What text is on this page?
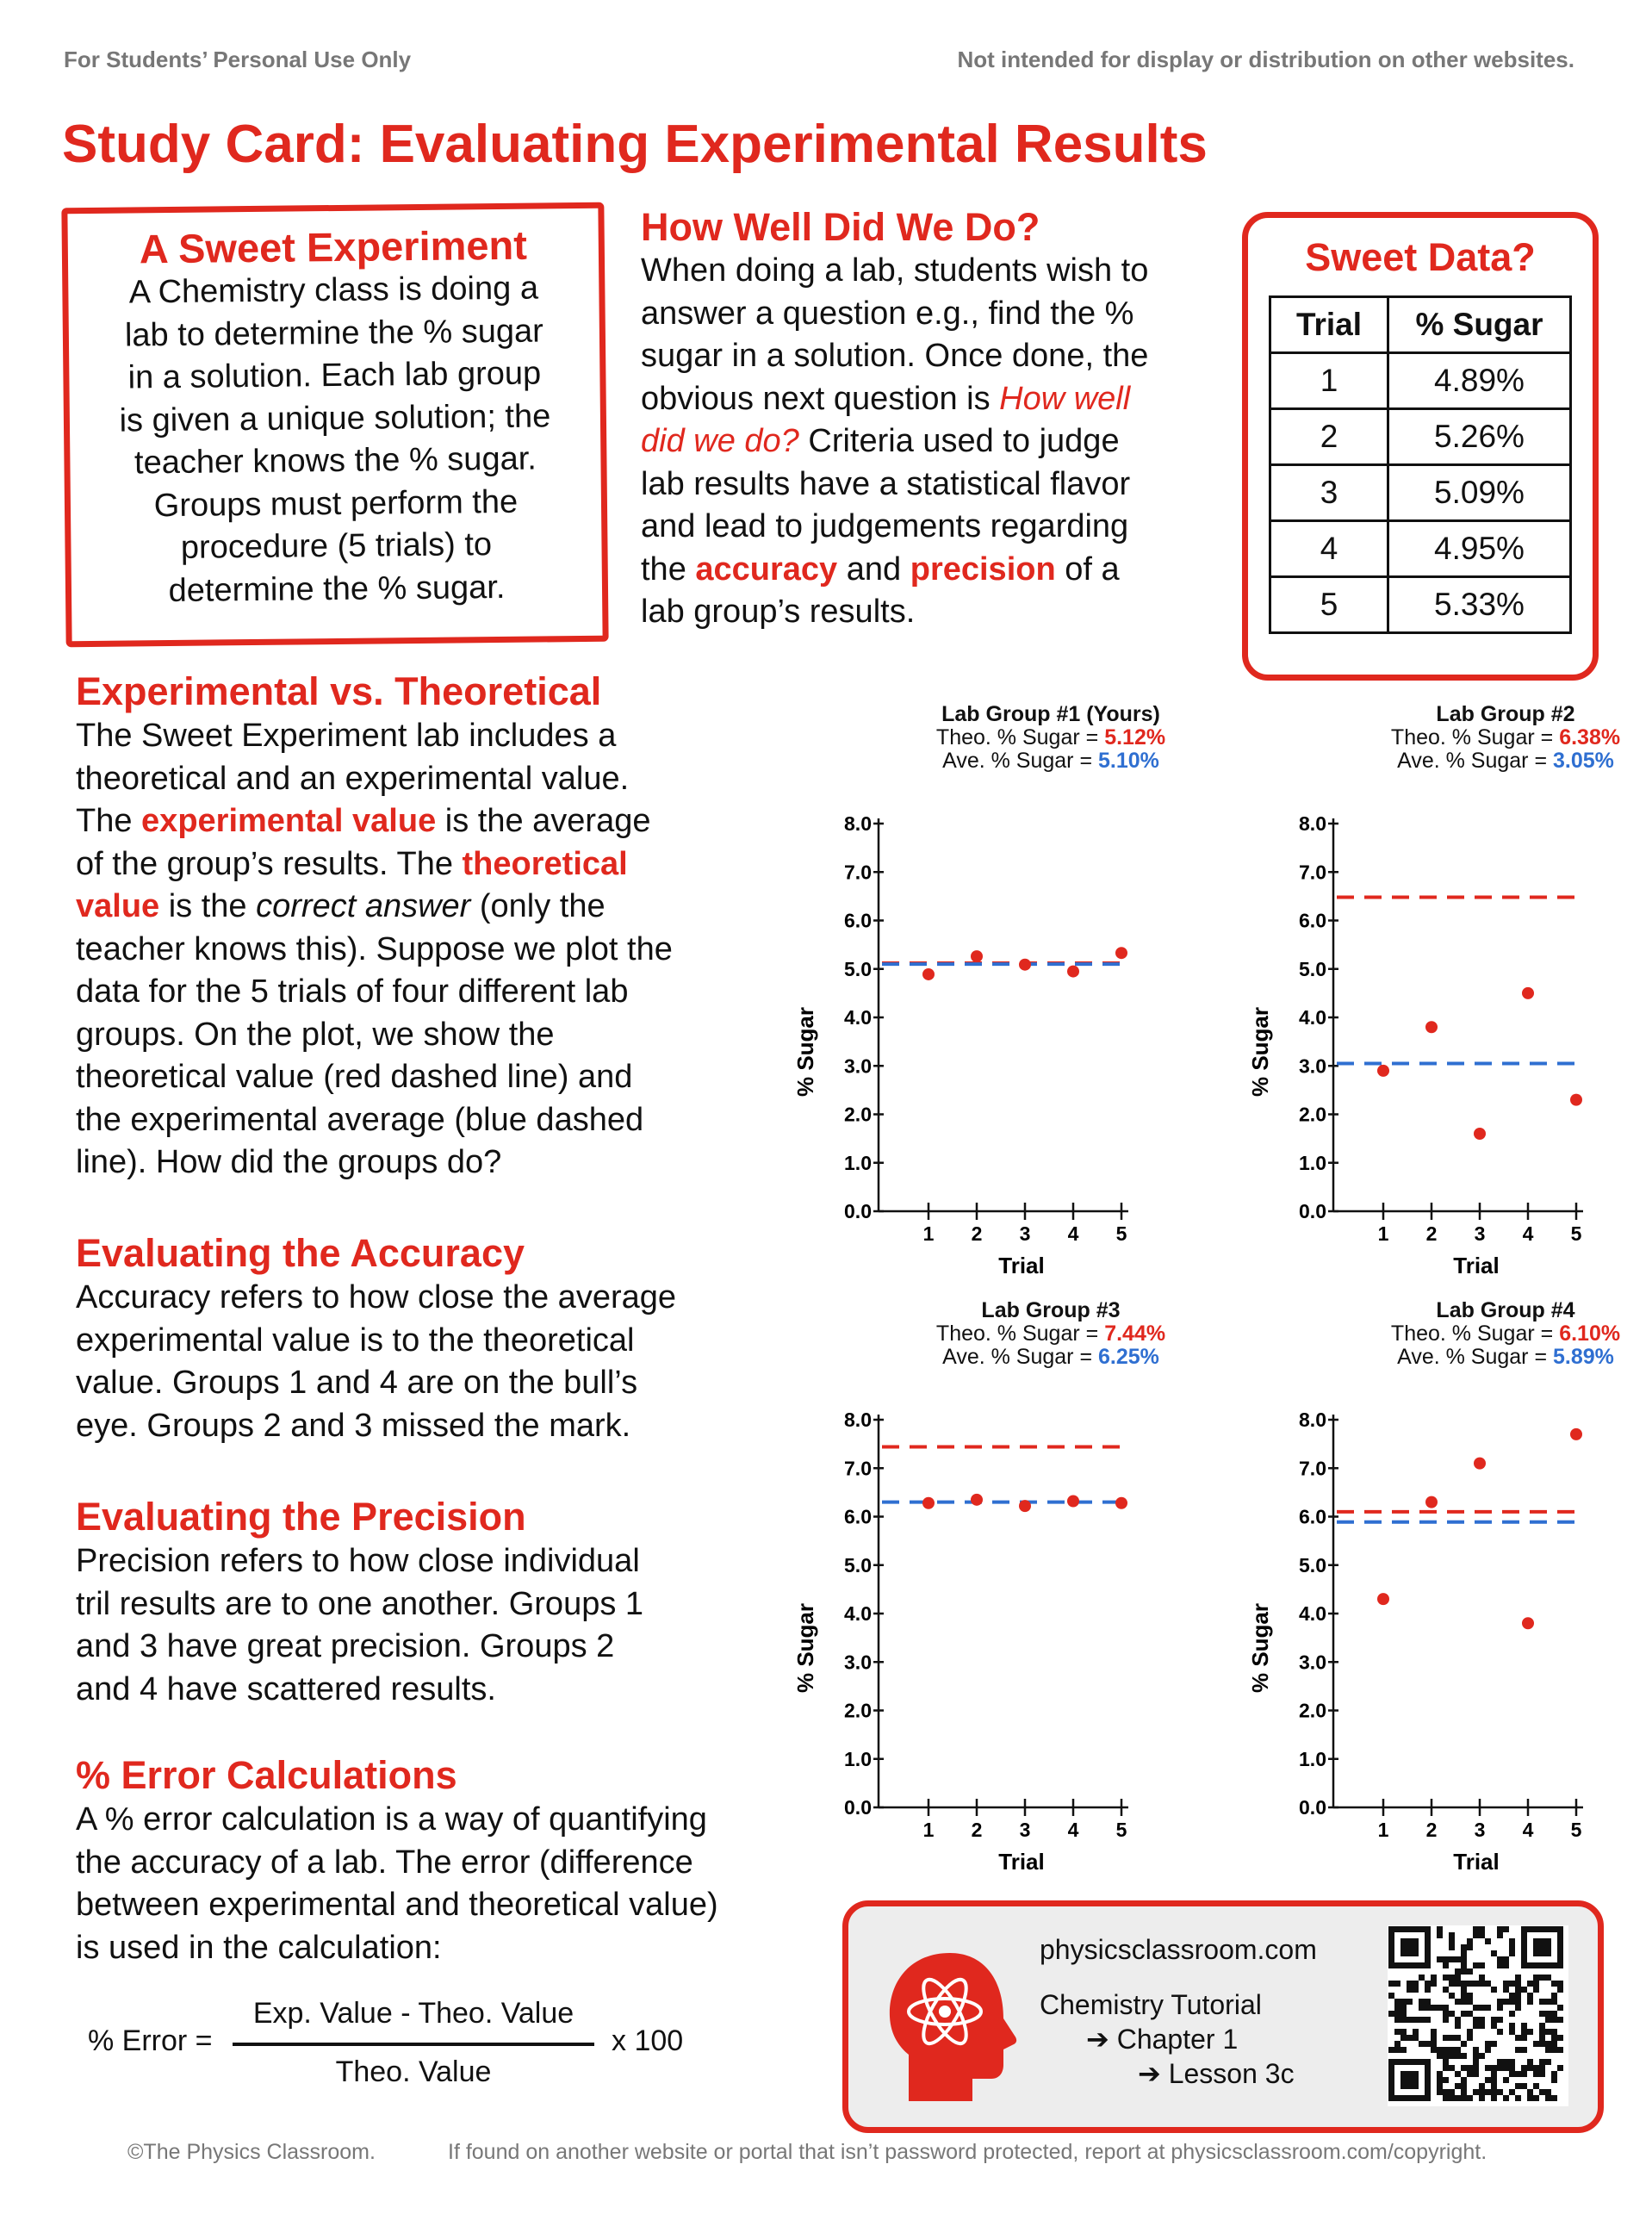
For Students’ Personal Use Only	Not intended for display or distribution on other websites.
Study Card: Evaluating Experimental Results
A Sweet Experiment
A Chemistry class is doing a
lab to determine the % sugar
in a solution. Each lab group
is given a unique solution; the
teacher knows the % sugar.
Groups must perform the
procedure (5 trials) to
determine the % sugar.
How Well Did We Do?
When doing a lab, students wish to
answer a question e.g., find the %
sugar in a solution. Once done, the
obvious next question is How well
did we do? Criteria used to judge
lab results have a statistical flavor
and lead to judgements regarding
the accuracy and precision of a
lab group’s results.
Sweet Data?
Trial	% Sugar
1	4.89%
2	5.26%
3	5.09%
4	4.95%
5	5.33%
Experimental vs. Theoretical
The Sweet Experiment lab includes a
theoretical and an experimental value.
The experimental value is the average
of the group’s results. The theoretical
value is the correct answer (only the
teacher knows this). Suppose we plot the
data for the 5 trials of four different lab
groups. On the plot, we show the
theoretical value (red dashed line) and
the experimental average (blue dashed
line). How did the groups do?
Evaluating the Accuracy
Accuracy refers to how close the average
experimental value is to the theoretical
value. Groups 1 and 4 are on the bull’s
eye. Groups 2 and 3 missed the mark.
Evaluating the Precision
Precision refers to how close individual
tril results are to one another. Groups 1
and 3 have great precision. Groups 2
and 4 have scattered results.
% Error Calculations
A % error calculation is a way of quantifying
the accuracy of a lab. The error (difference
between experimental and theoretical value)
is used in the calculation:
% Error =
Exp. Value - Theo. Value
Theo. Value
x 100
Lab Group #1 (Yours)
Theo. % Sugar = 5.12%
Ave. % Sugar = 5.10%
0.0
1.0
2.0
3.0
4.0
5.0
6.0
7.0
8.0
1 2 3 4 5
Trial
% Sugar
Lab Group #2
Theo. % Sugar = 6.38%
Ave. % Sugar = 3.05%
0.0
1.0
2.0
3.0
4.0
5.0
6.0
7.0
8.0
1 2 3 4 5
Trial
% Sugar
Lab Group #3
Theo. % Sugar = 7.44%
Ave. % Sugar = 6.25%
0.0
1.0
2.0
3.0
4.0
5.0
6.0
7.0
8.0
1 2 3 4 5
Trial
% Sugar
Lab Group #4
Theo. % Sugar = 6.10%
Ave. % Sugar = 5.89%
0.0
1.0
2.0
3.0
4.0
5.0
6.0
7.0
8.0
1 2 3 4 5
Trial
% Sugar
physicsclassroom.com
Chemistry Tutorial
➔ Chapter 1
➔ Lesson 3c
©The Physics Classroom.	If found on another website or portal that isn’t password protected, report at physicsclassroom.com/copyright.
